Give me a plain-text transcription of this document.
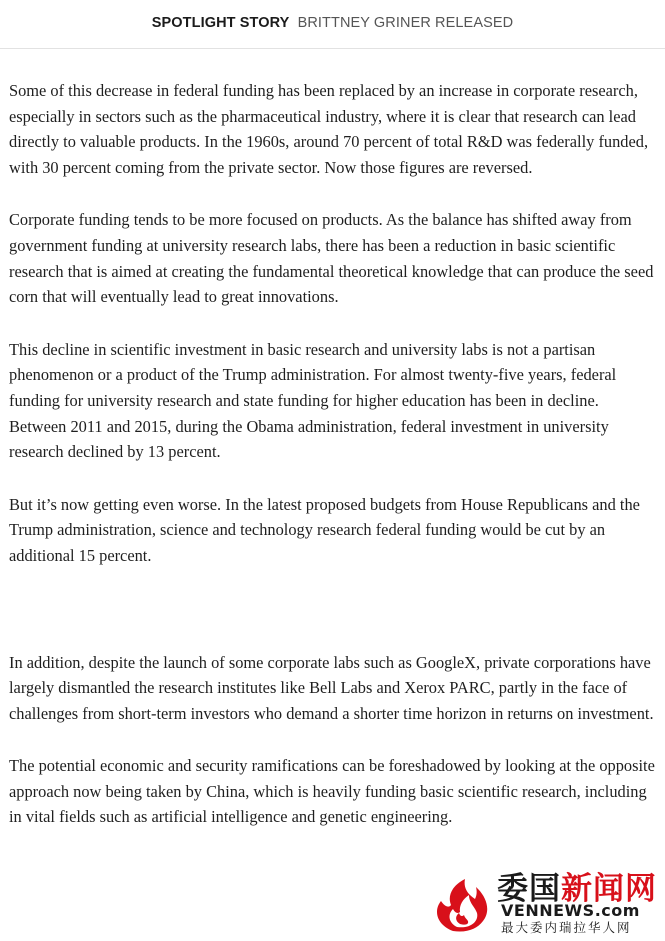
SPOTLIGHT STORY BRITTNEY GRINER RELEASED

Some of this decrease in federal funding has been replaced by an increase in corporate research, especially in sectors such as the pharmaceutical industry, where it is clear that research can lead directly to valuable products. In the 1960s, around 70 percent of total R&D was federally funded, with 30 percent coming from the private sector. Now those figures are reversed.

Corporate funding tends to be more focused on products. As the balance has shifted away from government funding at university research labs, there has been a reduction in basic scientific research that is aimed at creating the fundamental theoretical knowledge that can produce the seed corn that will eventually lead to great innovations.

This decline in scientific investment in basic research and university labs is not a partisan phenomenon or a product of the Trump administration. For almost twenty-five years, federal funding for university research and state funding for higher education has been in decline. Between 2011 and 2015, during the Obama administration, federal investment in university research declined by 13 percent.

But it’s now getting even worse. In the latest proposed budgets from House Republicans and the Trump administration, science and technology research federal funding would be cut by an additional 15 percent.

In addition, despite the launch of some corporate labs such as GoogleX, private corporations have largely dismantled the research institutes like Bell Labs and Xerox PARC, partly in the face of challenges from short-term investors who demand a shorter time horizon in returns on investment.

The potential economic and security ramifications can be foreshadowed by looking at the opposite approach now being taken by China, which is heavily funding basic scientific research, including in vital fields such as artificial intelligence and genetic engineering.

委国新闻网
VENNEWS.com
最大委内瑞拉华人网
